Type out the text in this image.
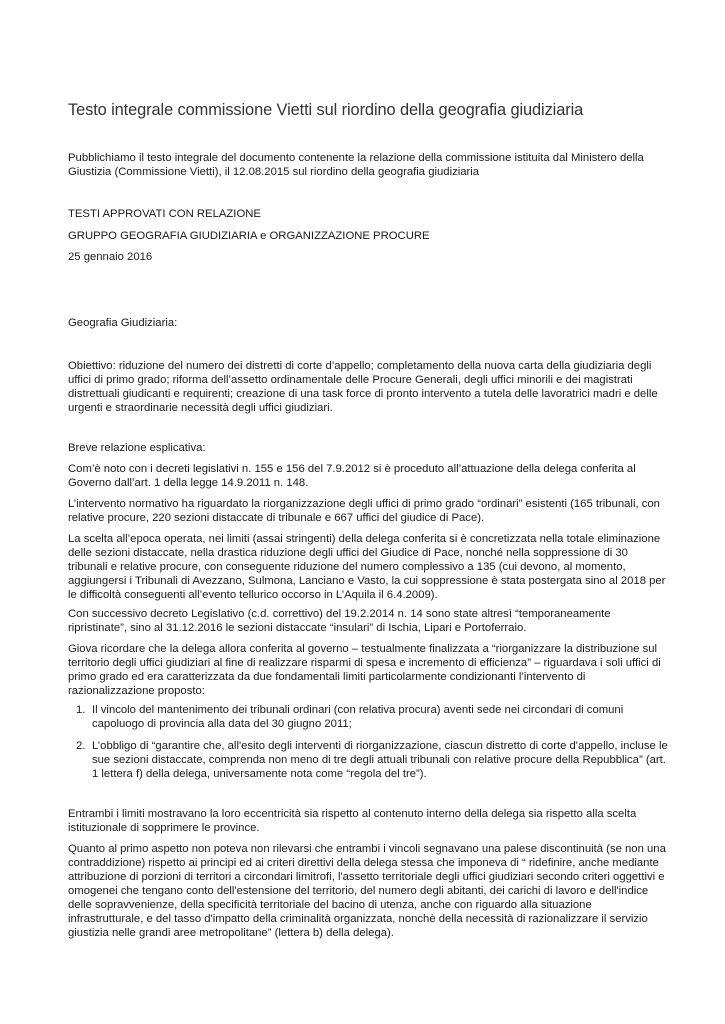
Testo integrale commissione Vietti sul riordino della geografia giudiziaria

Pubblichiamo il testo integrale del documento contenente la relazione della commissione istituita dal Ministero della Giustizia (Commissione Vietti), il 12.08.2015 sul riordino della geografia giudiziaria

TESTI APPROVATI CON RELAZIONE

GRUPPO GEOGRAFIA GIUDIZIARIA e ORGANIZZAZIONE PROCURE

25 gennaio 2016

Geografia Giudiziaria:

Obiettivo: riduzione del numero dei distretti di corte d’appello; completamento della nuova carta della giudiziaria degli uffici di primo grado; riforma dell’assetto ordinamentale delle Procure Generali, degli uffici minorili e dei magistrati distrettuali giudicanti e requirenti; creazione di una task force di pronto intervento a tutela delle lavoratrici madri e delle urgenti e straordinarie necessità degli uffici giudiziari.

Breve relazione esplicativa:

Com’è noto con i decreti legislativi n. 155 e 156 del 7.9.2012 si è proceduto all’attuazione della delega conferita al Governo dall’art. 1 della legge 14.9.2011 n. 148.

L’intervento normativo ha riguardato la riorganizzazione degli uffici di primo grado “ordinari” esistenti (165 tribunali, con relative procure, 220 sezioni distaccate di tribunale e 667 uffici del giudice di Pace).

La scelta all’epoca operata, nei limiti (assai stringenti) della delega conferita si è concretizzata nella totale eliminazione delle sezioni distaccate, nella drastica riduzione degli uffici del Giudice di Pace, nonché nella soppressione di 30 tribunali e relative procure, con conseguente riduzione del numero complessivo a 135 (cui devono, al momento, aggiungersi i Tribunali di Avezzano, Sulmona, Lanciano e Vasto, la cui soppressione è stata postergata sino al 2018 per le difficoltà conseguenti all’evento tellurico occorso in L’Aquila il 6.4.2009).

Con successivo decreto Legislativo (c.d. correttivo) del 19.2.2014 n. 14 sono state altresì “temporaneamente ripristinate”, sino al 31.12.2016 le sezioni distaccate “insulari” di Ischia, Lipari e Portoferraio.

Giova ricordare che la delega allora conferita al governo – testualmente finalizzata a “riorganizzare la distribuzione sul territorio degli uffici giudiziari al fine di realizzare risparmi di spesa e incremento di efficienza” – riguardava i soli uffici di primo grado ed era caratterizzata da due fondamentali limiti particolarmente condizionanti l’intervento di razionalizzazione proposto:

1. Il vincolo del mantenimento dei tribunali ordinari (con relativa procura) aventi sede nei circondari di comuni capoluogo di provincia alla data del 30 giugno 2011;
2. L’obbligo di “garantire che, all'esito degli interventi di riorganizzazione, ciascun distretto di corte d'appello, incluse le sue sezioni distaccate, comprenda non meno di tre degli attuali tribunali con relative procure della Repubblica” (art. 1 lettera f) della delega, universamente nota come “regola del tre”).

Entrambi i limiti mostravano la loro eccentricità sia rispetto al contenuto interno della delega sia rispetto alla scelta istituzionale di sopprimere le province.

Quanto al primo aspetto non poteva non rilevarsi che entrambi i vincoli segnavano una palese discontinuità (se non una contraddizione) rispetto ai principi ed ai criteri direttivi della delega stessa che imponeva di “ ridefinire, anche mediante attribuzione di porzioni di territori a circondari limitrofi, l'assetto territoriale degli uffici giudiziari secondo criteri oggettivi e omogenei che tengano conto dell'estensione del territorio, del numero degli abitanti, dei carichi di lavoro e dell'indice delle sopravvenienze, della specificità territoriale del bacino di utenza, anche con riguardo alla situazione infrastrutturale, e del tasso d'impatto della criminalità organizzata, nonchè della necessità di razionalizzare il servizio giustizia nelle grandi aree metropolitane” (lettera b) della delega).
